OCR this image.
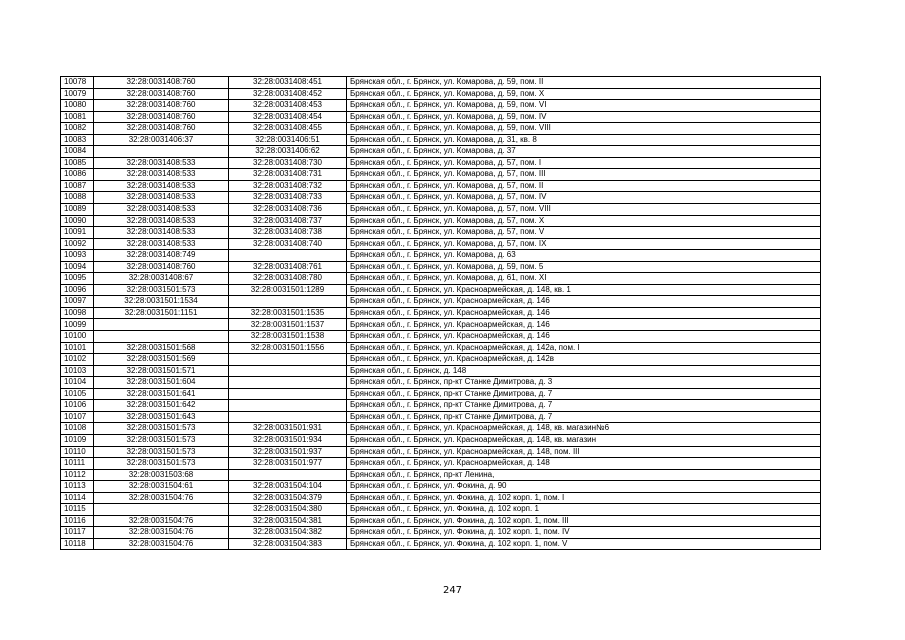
10078	32:28:0031408:760	32:28:0031408:451	Брянская обл., г. Брянск, ул. Комарова, д. 59, пом. II
10079	32:28:0031408:760	32:28:0031408:452	Брянская обл., г. Брянск, ул. Комарова, д. 59, пом. X
10080	32:28:0031408:760	32:28:0031408:453	Брянская обл., г. Брянск, ул. Комарова, д. 59, пом. VI
10081	32:28:0031408:760	32:28:0031408:454	Брянская обл., г. Брянск, ул. Комарова, д. 59, пом. IV
10082	32:28:0031408:760	32:28:0031408:455	Брянская обл., г. Брянск, ул. Комарова, д. 59, пом. VIII
10083	32:28:0031406:37	32:28:0031406:51	Брянская обл., г. Брянск, ул. Комарова, д. 31, кв. 8
10084		32:28:0031406:62	Брянская обл., г. Брянск, ул. Комарова, д. 37
10085	32:28:0031408:533	32:28:0031408:730	Брянская обл., г. Брянск, ул. Комарова, д. 57, пом. I
10086	32:28:0031408:533	32:28:0031408:731	Брянская обл., г. Брянск, ул. Комарова, д. 57, пом. III
10087	32:28:0031408:533	32:28:0031408:732	Брянская обл., г. Брянск, ул. Комарова, д. 57, пом. II
10088	32:28:0031408:533	32:28:0031408:733	Брянская обл., г. Брянск, ул. Комарова, д. 57, пом. IV
10089	32:28:0031408:533	32:28:0031408:736	Брянская обл., г. Брянск, ул. Комарова, д. 57, пом. VIII
10090	32:28:0031408:533	32:28:0031408:737	Брянская обл., г. Брянск, ул. Комарова, д. 57, пом. X
10091	32:28:0031408:533	32:28:0031408:738	Брянская обл., г. Брянск, ул. Комарова, д. 57, пом. V
10092	32:28:0031408:533	32:28:0031408:740	Брянская обл., г. Брянск, ул. Комарова, д. 57, пом. IX
10093	32:28:0031408:749		Брянская обл., г. Брянск, ул. Комарова, д. 63
10094	32:28:0031408:760	32:28:0031408:761	Брянская обл., г. Брянск, ул. Комарова, д. 59, пом. 5
10095	32:28:0031408:67	32:28:0031408:780	Брянская обл., г. Брянск, ул. Комарова, д. 61, пом. XI
10096	32:28:0031501:573	32:28:0031501:1289	Брянская обл., г. Брянск, ул. Красноармейская, д. 148, кв. 1
10097	32:28:0031501:1534		Брянская обл., г. Брянск, ул. Красноармейская, д. 146
10098	32:28:0031501:1151	32:28:0031501:1535	Брянская обл., г. Брянск, ул. Красноармейская, д. 146
10099		32:28:0031501:1537	Брянская обл., г. Брянск, ул. Красноармейская, д. 146
10100		32:28:0031501:1538	Брянская обл., г. Брянск, ул. Красноармейская, д. 146
10101	32:28:0031501:568	32:28:0031501:1556	Брянская обл., г. Брянск, ул. Красноармейская, д. 142а, пом. I
10102	32:28:0031501:569		Брянская обл., г. Брянск, ул. Красноармейская, д. 142в
10103	32:28:0031501:571		Брянская обл., г. Брянск, д. 148
10104	32:28:0031501:604		Брянская обл., г. Брянск, пр-кт Станке Димитрова, д. 3
10105	32:28:0031501:641		Брянская обл., г. Брянск, пр-кт Станке Димитрова, д. 7
10106	32:28:0031501:642		Брянская обл., г. Брянск, пр-кт Станке Димитрова, д. 7
10107	32:28:0031501:643		Брянская обл., г. Брянск, пр-кт Станке Димитрова, д. 7
10108	32:28:0031501:573	32:28:0031501:931	Брянская обл., г. Брянск, ул. Красноармейская, д. 148, кв. магазин№6
10109	32:28:0031501:573	32:28:0031501:934	Брянская обл., г. Брянск, ул. Красноармейская, д. 148, кв. магазин
10110	32:28:0031501:573	32:28:0031501:937	Брянская обл., г. Брянск, ул. Красноармейская, д. 148, пом. III
10111	32:28:0031501:573	32:28:0031501:977	Брянская обл., г. Брянск, ул. Красноармейская, д. 148
10112	32:28:0031503:68		Брянская обл., г. Брянск, пр-кт Ленина,
10113	32:28:0031504:61	32:28:0031504:104	Брянская обл., г. Брянск, ул. Фокина, д. 90
10114	32:28:0031504:76	32:28:0031504:379	Брянская обл., г. Брянск, ул. Фокина, д. 102 корп. 1, пом. I
10115		32:28:0031504:380	Брянская обл., г. Брянск, ул. Фокина, д. 102 корп. 1
10116	32:28:0031504:76	32:28:0031504:381	Брянская обл., г. Брянск, ул. Фокина, д. 102 корп. 1, пом. III
10117	32:28:0031504:76	32:28:0031504:382	Брянская обл., г. Брянск, ул. Фокина, д. 102 корп. 1, пом. IV
10118	32:28:0031504:76	32:28:0031504:383	Брянская обл., г. Брянск, ул. Фокина, д. 102 корп. 1, пом. V
247
